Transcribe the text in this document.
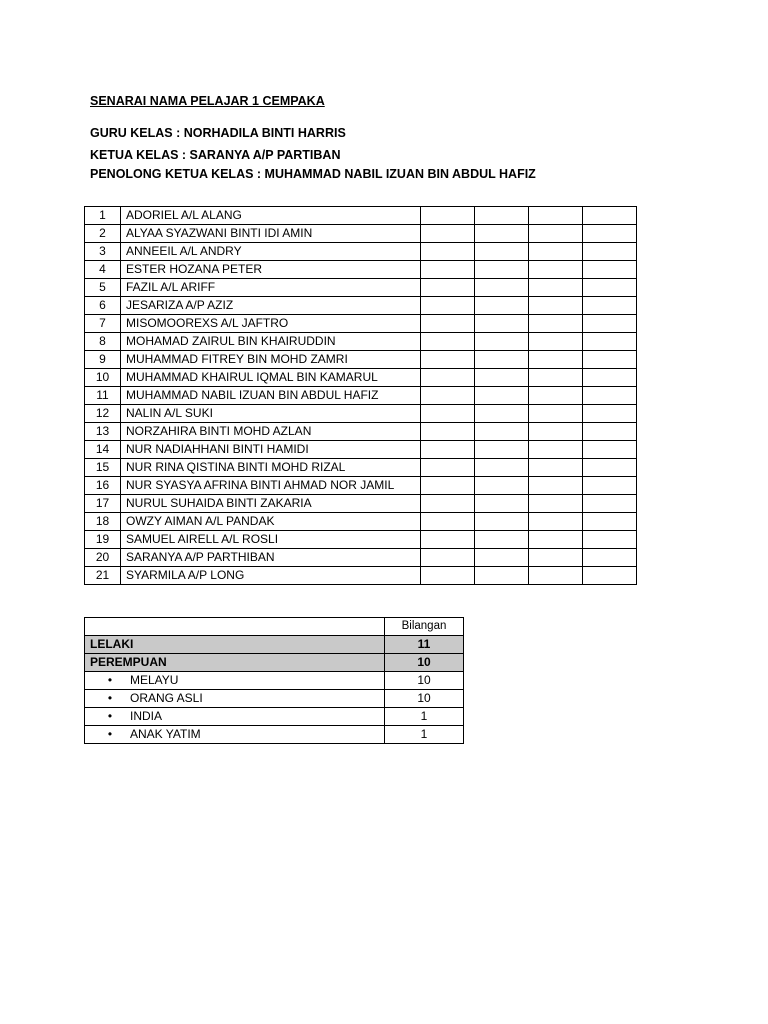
SENARAI NAMA PELAJAR 1 CEMPAKA
GURU KELAS : NORHADILA BINTI HARRIS
KETUA KELAS : SARANYA A/P PARTIBAN
PENOLONG KETUA KELAS : MUHAMMAD NABIL IZUAN BIN ABDUL HAFIZ
1	ADORIEL A/L ALANG				
2	ALYAA SYAZWANI BINTI IDI AMIN				
3	ANNEEIL A/L ANDRY				
4	ESTER HOZANA PETER				
5	FAZIL A/L ARIFF				
6	JESARIZA A/P AZIZ				
7	MISOMOOREXS A/L JAFTRO				
8	MOHAMAD ZAIRUL BIN KHAIRUDDIN				
9	MUHAMMAD FITREY BIN MOHD ZAMRI				
10	MUHAMMAD KHAIRUL IQMAL BIN KAMARUL				
11	MUHAMMAD NABIL IZUAN BIN ABDUL HAFIZ				
12	NALIN A/L SUKI				
13	NORZAHIRA BINTI MOHD AZLAN				
14	NUR NADIAHHANI BINTI HAMIDI				
15	NUR RINA QISTINA BINTI MOHD RIZAL				
16	NUR SYASYA AFRINA BINTI AHMAD NOR JAMIL				
17	NURUL SUHAIDA BINTI ZAKARIA				
18	OWZY AIMAN A/L PANDAK				
19	SAMUEL AIRELL A/L ROSLI				
20	SARANYA A/P PARTHIBAN				
21	SYARMILA A/P LONG				
	Bilangan
LELAKI	11
PEREMPUAN	10
• MELAYU	10
• ORANG ASLI	10
• INDIA	1
• ANAK YATIM	1
